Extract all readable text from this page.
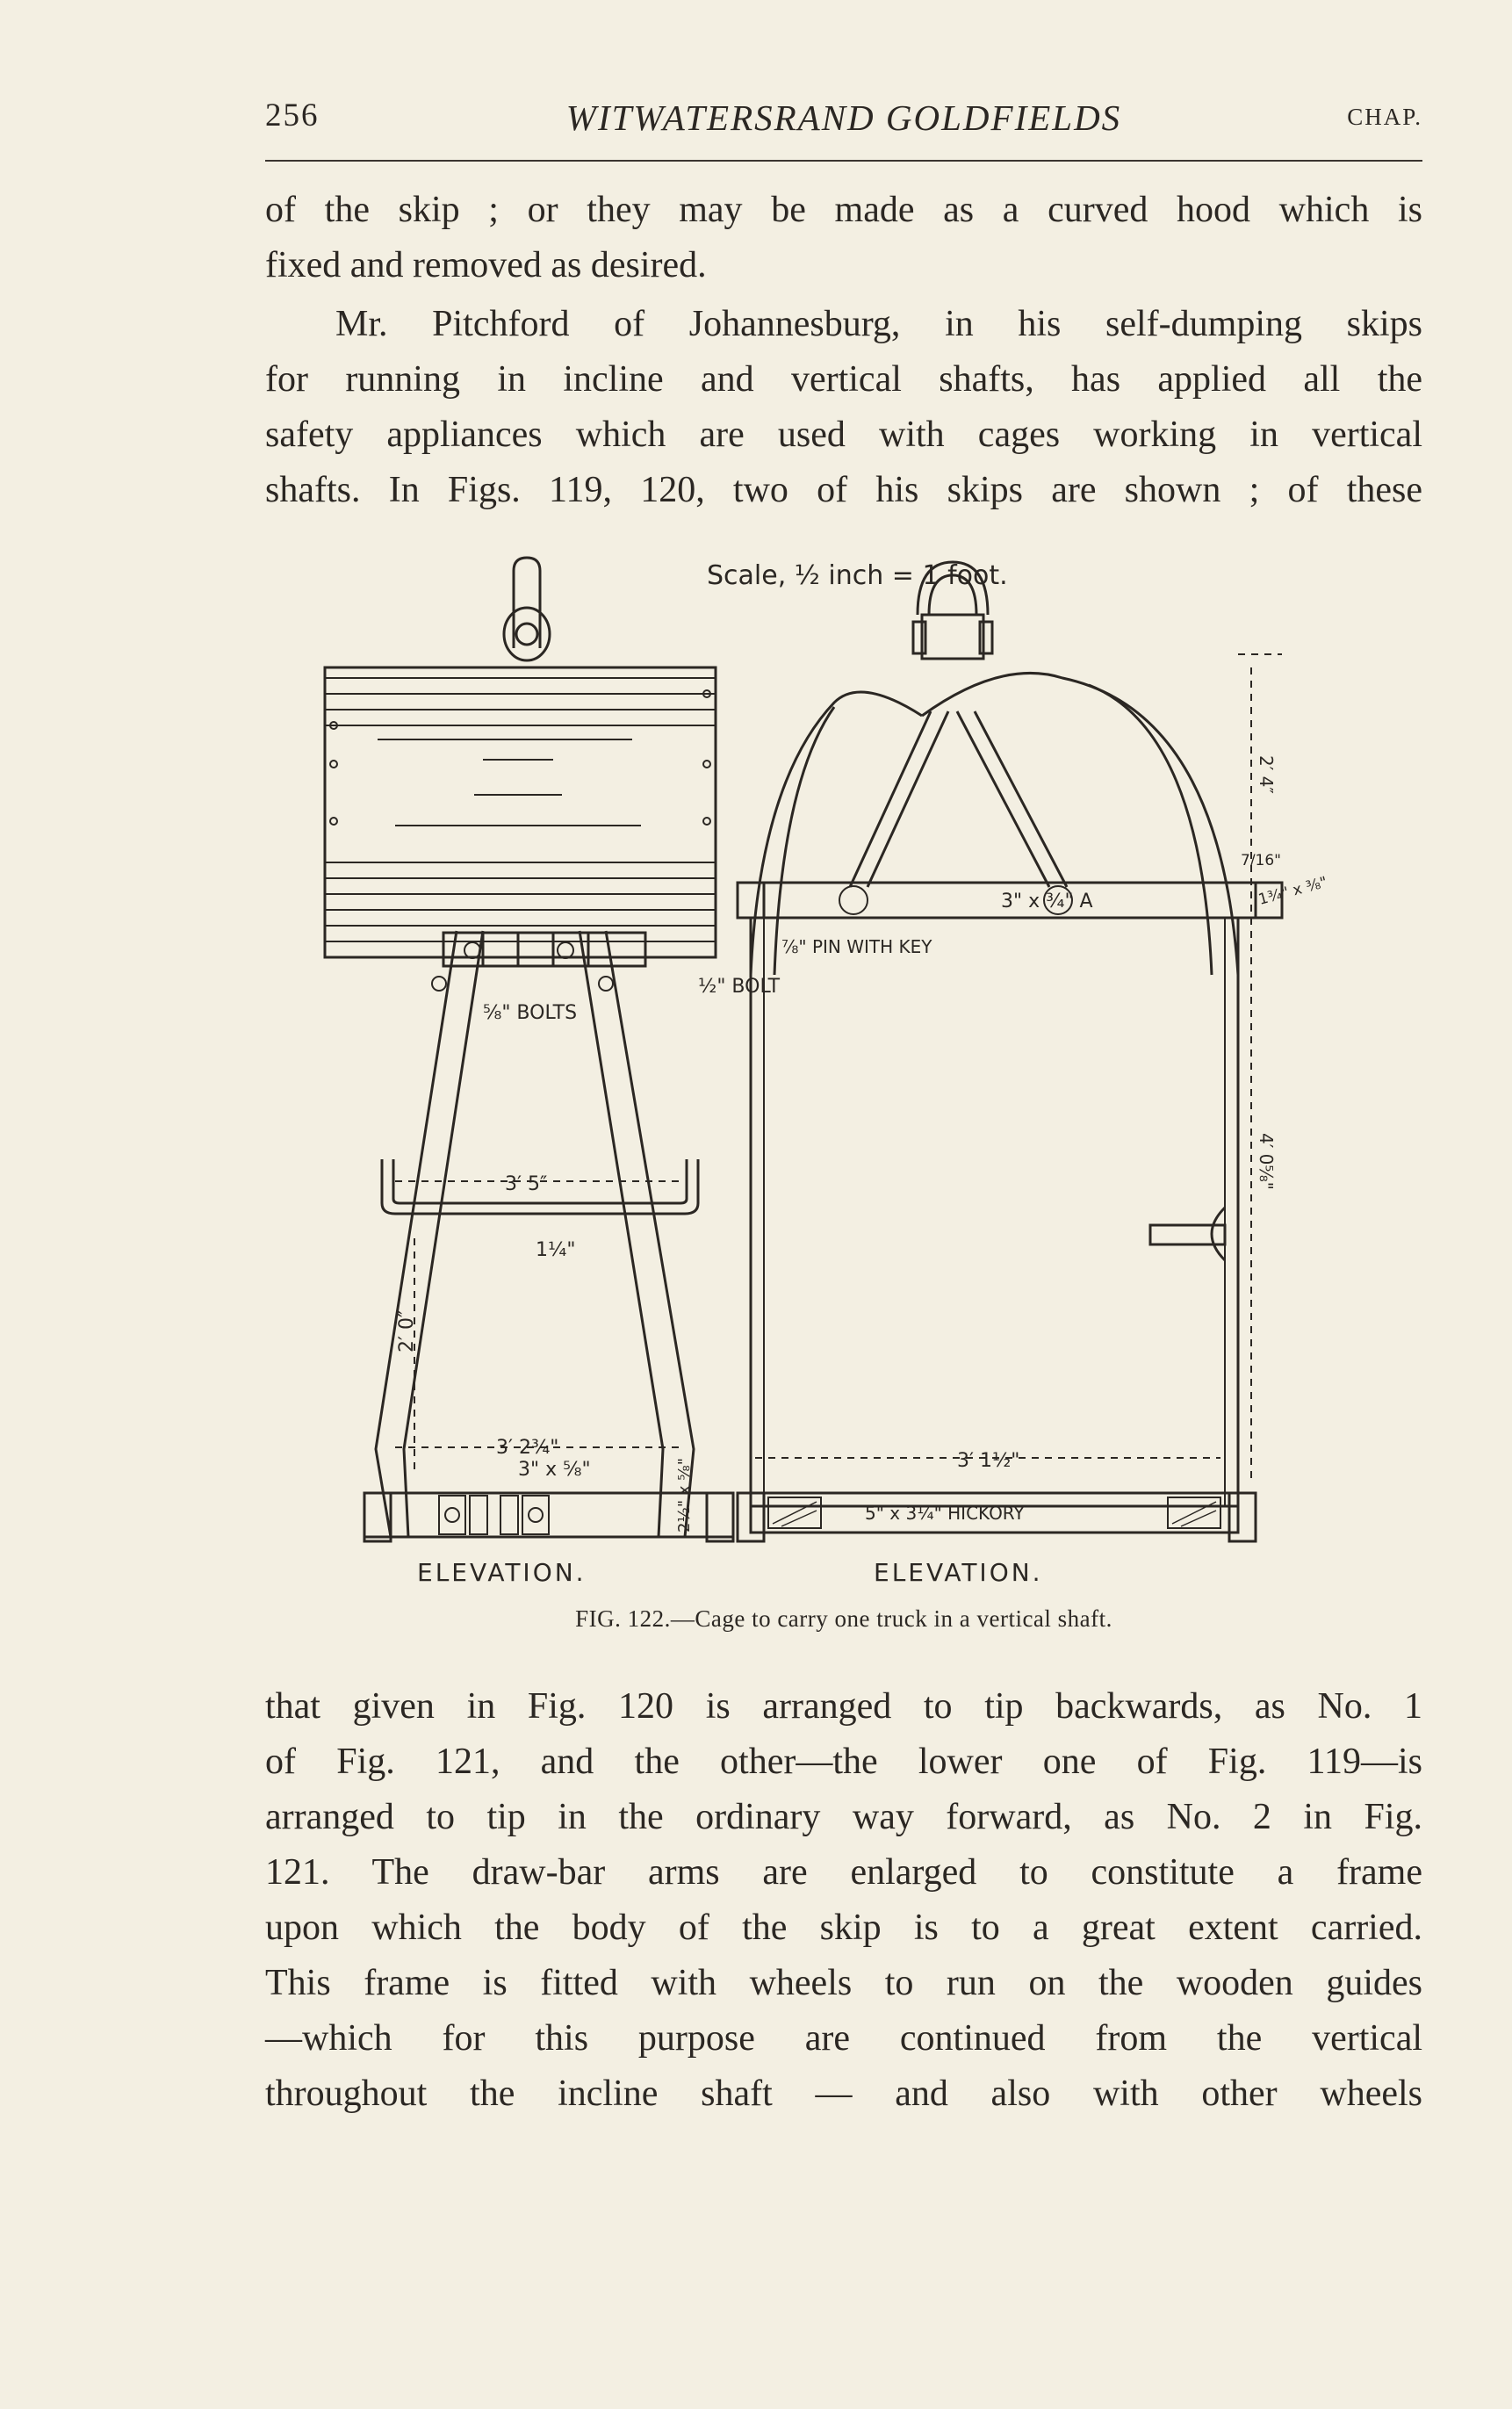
256	WITWATERSRAND GOLDFIELDS	CHAP.

of the skip ; or they may be made as a curved hood which is
fixed and removed as desired.

Mr. Pitchford of Johannesburg, in his self-dumping skips
for running in incline and vertical shafts, has applied all the
safety appliances which are used with cages working in vertical
shafts. In Figs. 119, 120, two of his skips are shown ; of these

Scale, ½ inch = 1 foot.
⅝" BOLTS
½" BOLT
3′ 5″
1¼"
2′ 0″
3′ 2¾"
3" x ⅝"	2½" x ⅝"
ELEVATION.
3" x ¾" A
⅞" PIN WITH KEY
2′ 4″
7/16"
1¾" x ⅜"
4′ 0⅝"
3′ 1½"
5" x 3¼" HICKORY
ELEVATION.
FIG. 122.—Cage to carry one truck in a vertical shaft.

that given in Fig. 120 is arranged to tip backwards, as No. 1
of Fig. 121, and the other—the lower one of Fig. 119—is
arranged to tip in the ordinary way forward, as No. 2 in Fig.
121. The draw-bar arms are enlarged to constitute a frame
upon which the body of the skip is to a great extent carried.
This frame is fitted with wheels to run on the wooden guides
—which for this purpose are continued from the vertical
throughout the incline shaft — and also with other wheels
